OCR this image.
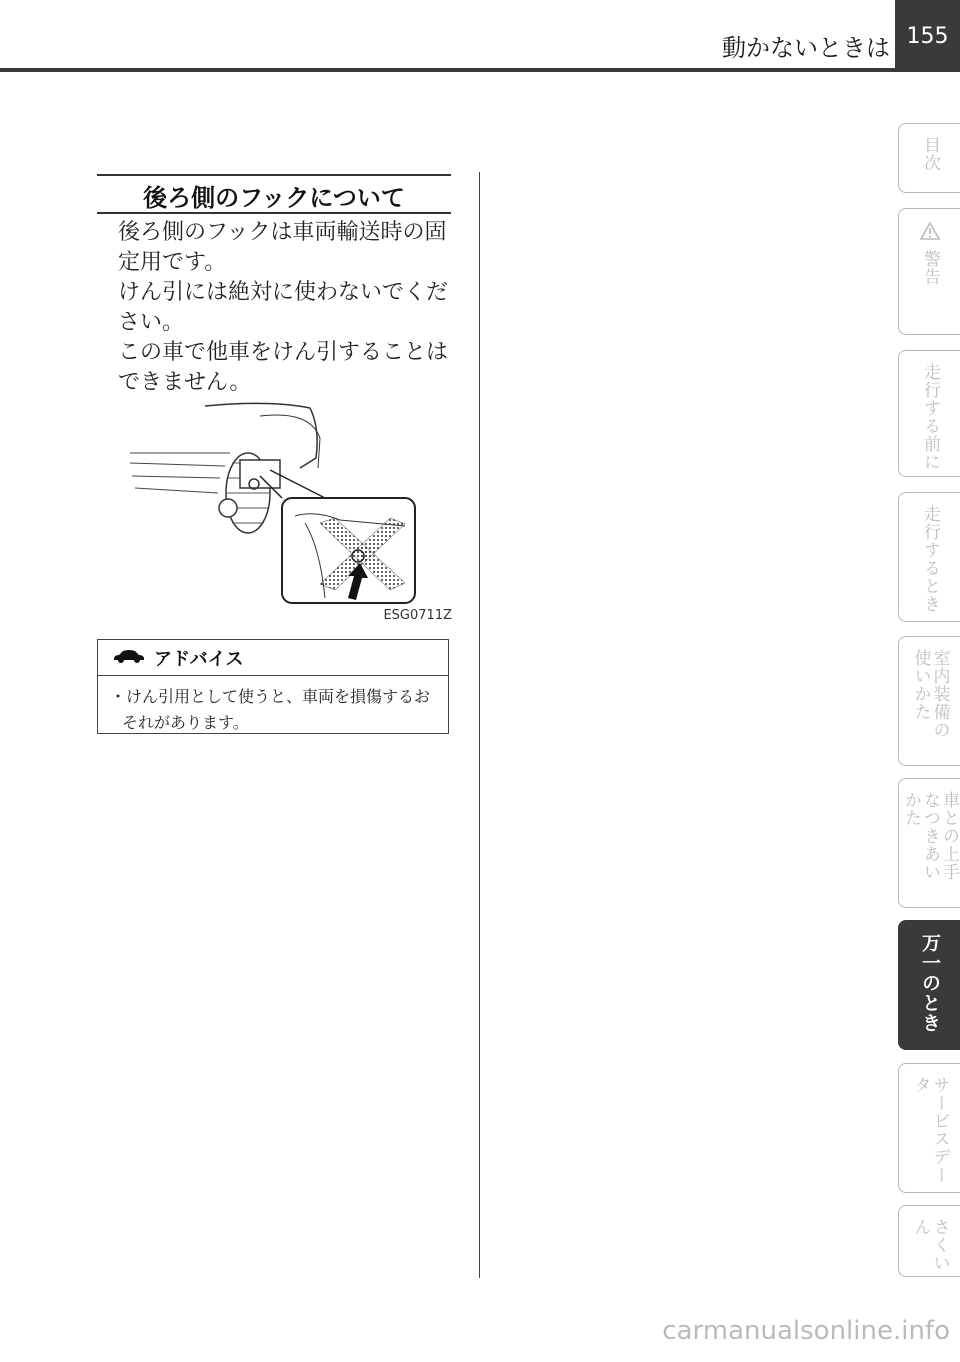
動かないときは 155
後ろ側のフックについて

後ろ側のフックは車両輸送時の固定用です。

けん引には絶対に使わないでください。

この車で他車をけん引することはできません。

ESG0711Z
アドバイス
・けん引用として使うと、車両を損傷するおそれがあります。
目次
警告
走行する前に
走行するとき
室内装備の使いかた
車との上手なつきあいかた
万一のとき
サービスデータ
さくいん
carmanualsonline.info
